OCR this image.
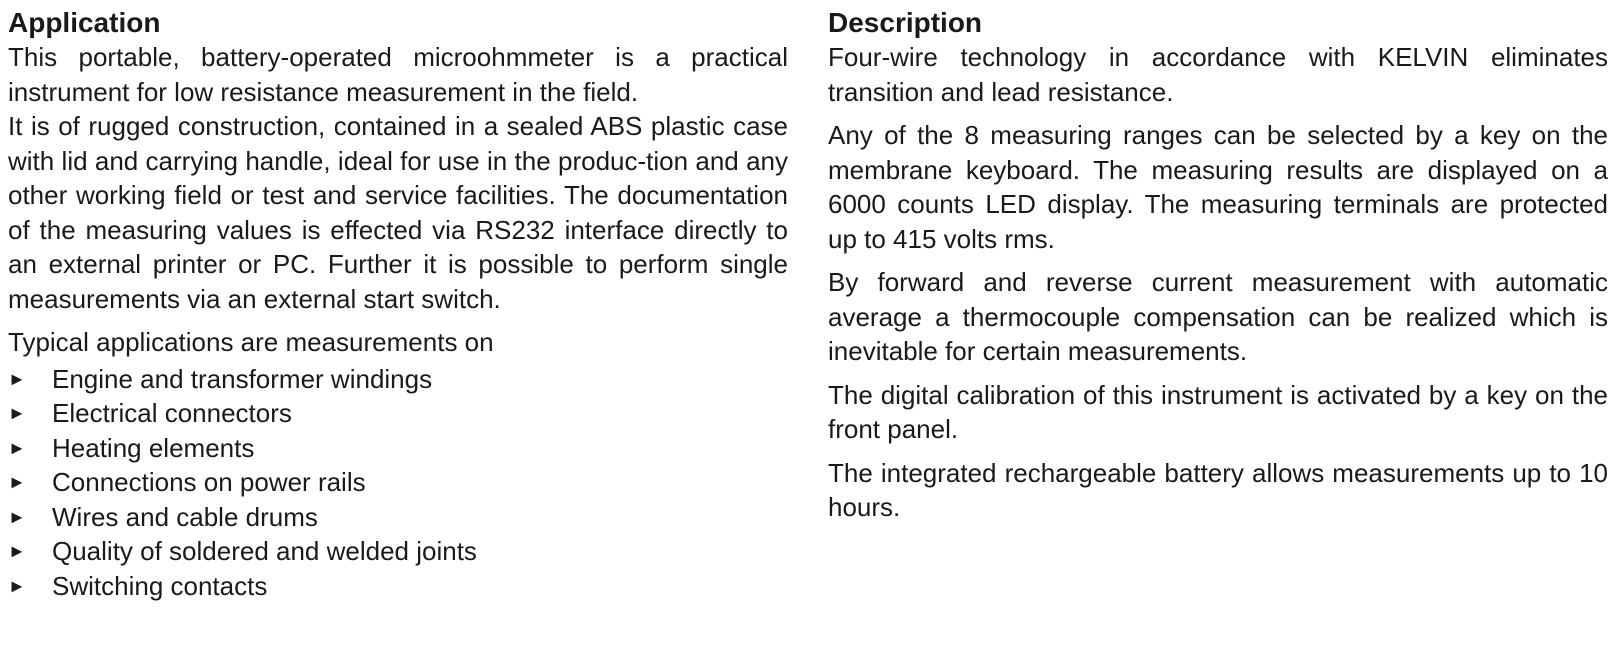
Application

This portable, battery-operated microohmmeter is a practical instrument for low resistance measurement in the field.

It is of rugged construction, contained in a sealed ABS plastic case with lid and carrying handle, ideal for use in the produc-tion and any other working field or test and service facilities. The documentation of the measuring values is effected via RS232 interface directly to an external printer or PC. Further it is possible to perform single measurements via an external start switch.

Typical applications are measurements on

►	Engine and transformer windings
►	Electrical connectors
►	Heating elements
►	Connections on power rails
►	Wires and cable drums
►	Quality of soldered and welded joints
►	Switching contacts
Description

Four-wire technology in accordance with KELVIN eliminates transition and lead resistance.

Any of the 8 measuring ranges can be selected by a key on the membrane keyboard. The measuring results are displayed on a 6000 counts LED display. The measuring terminals are protected up to 415 volts rms.

By forward and reverse current measurement with automatic average a thermocouple compensation can be realized which is inevitable for certain measurements.

The digital calibration of this instrument is activated by a key on the front panel.

The integrated rechargeable battery allows measurements up to 10 hours.
